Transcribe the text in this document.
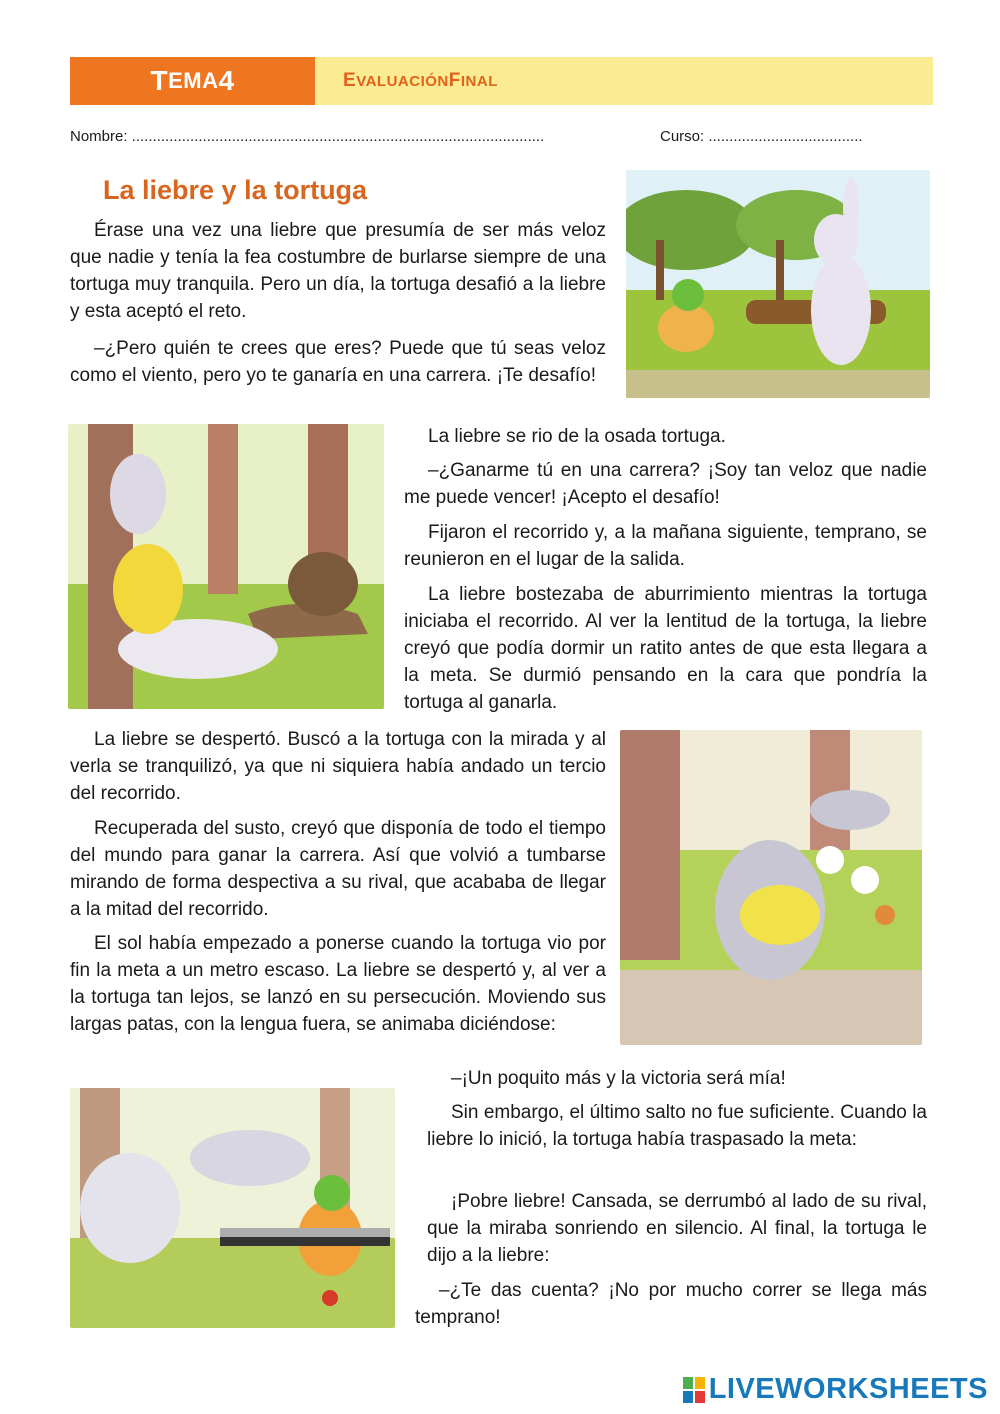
T EMA 4	E VALUACIÓN F INAL
Nombre: ...................................................................................................	Curso: .....................................
La liebre y la tortuga

Érase una vez una liebre que presumía de ser más veloz que nadie y tenía la fea costumbre de burlarse siempre de una tortuga muy tranquila. Pero un día, la tortuga desafió a la liebre y esta aceptó el reto.

–¿Pero quién te crees que eres? Puede que tú seas veloz como el viento, pero yo te ganaría en una carrera. ¡Te desafío!

La liebre se rio de la osada tortuga.

–¿Ganarme tú en una carrera? ¡Soy tan veloz que nadie me puede vencer! ¡Acepto el desafío!

Fijaron el recorrido y, a la mañana siguiente, temprano, se reunieron en el lugar de la salida.

La liebre bostezaba de aburrimiento mientras la tortuga iniciaba el recorrido. Al ver la lentitud de la tortuga, la liebre creyó que podía dormir un ratito antes de que esta llegara a la meta. Se durmió pensando en la cara que pondría la tortuga al ganarla.

La liebre se despertó. Buscó a la tortuga con la mirada y al verla se tranquilizó, ya que ni siquiera había andado un tercio del recorrido.

Recuperada del susto, creyó que disponía de todo el tiempo del mundo para ganar la carrera. Así que volvió a tumbarse mirando de forma despectiva a su rival, que acababa de llegar a la mitad del recorrido.

El sol había empezado a ponerse cuando la tortuga vio por fin la meta a un metro escaso. La liebre se despertó y, al ver a la tortuga tan lejos, se lanzó en su persecución. Moviendo sus largas patas, con la lengua fuera, se animaba diciéndose:

–¡Un poquito más y la victoria será mía!

Sin embargo, el último salto no fue suficiente. Cuando la liebre lo inició, la tortuga había traspasado la meta:

¡Pobre liebre! Cansada, se derrumbó al lado de su rival, que la miraba sonriendo en silencio. Al final, la tortuga le dijo a la liebre:

–¿Te das cuenta? ¡No por mucho correr se llega más temprano!

LIVEWORKSHEETS
